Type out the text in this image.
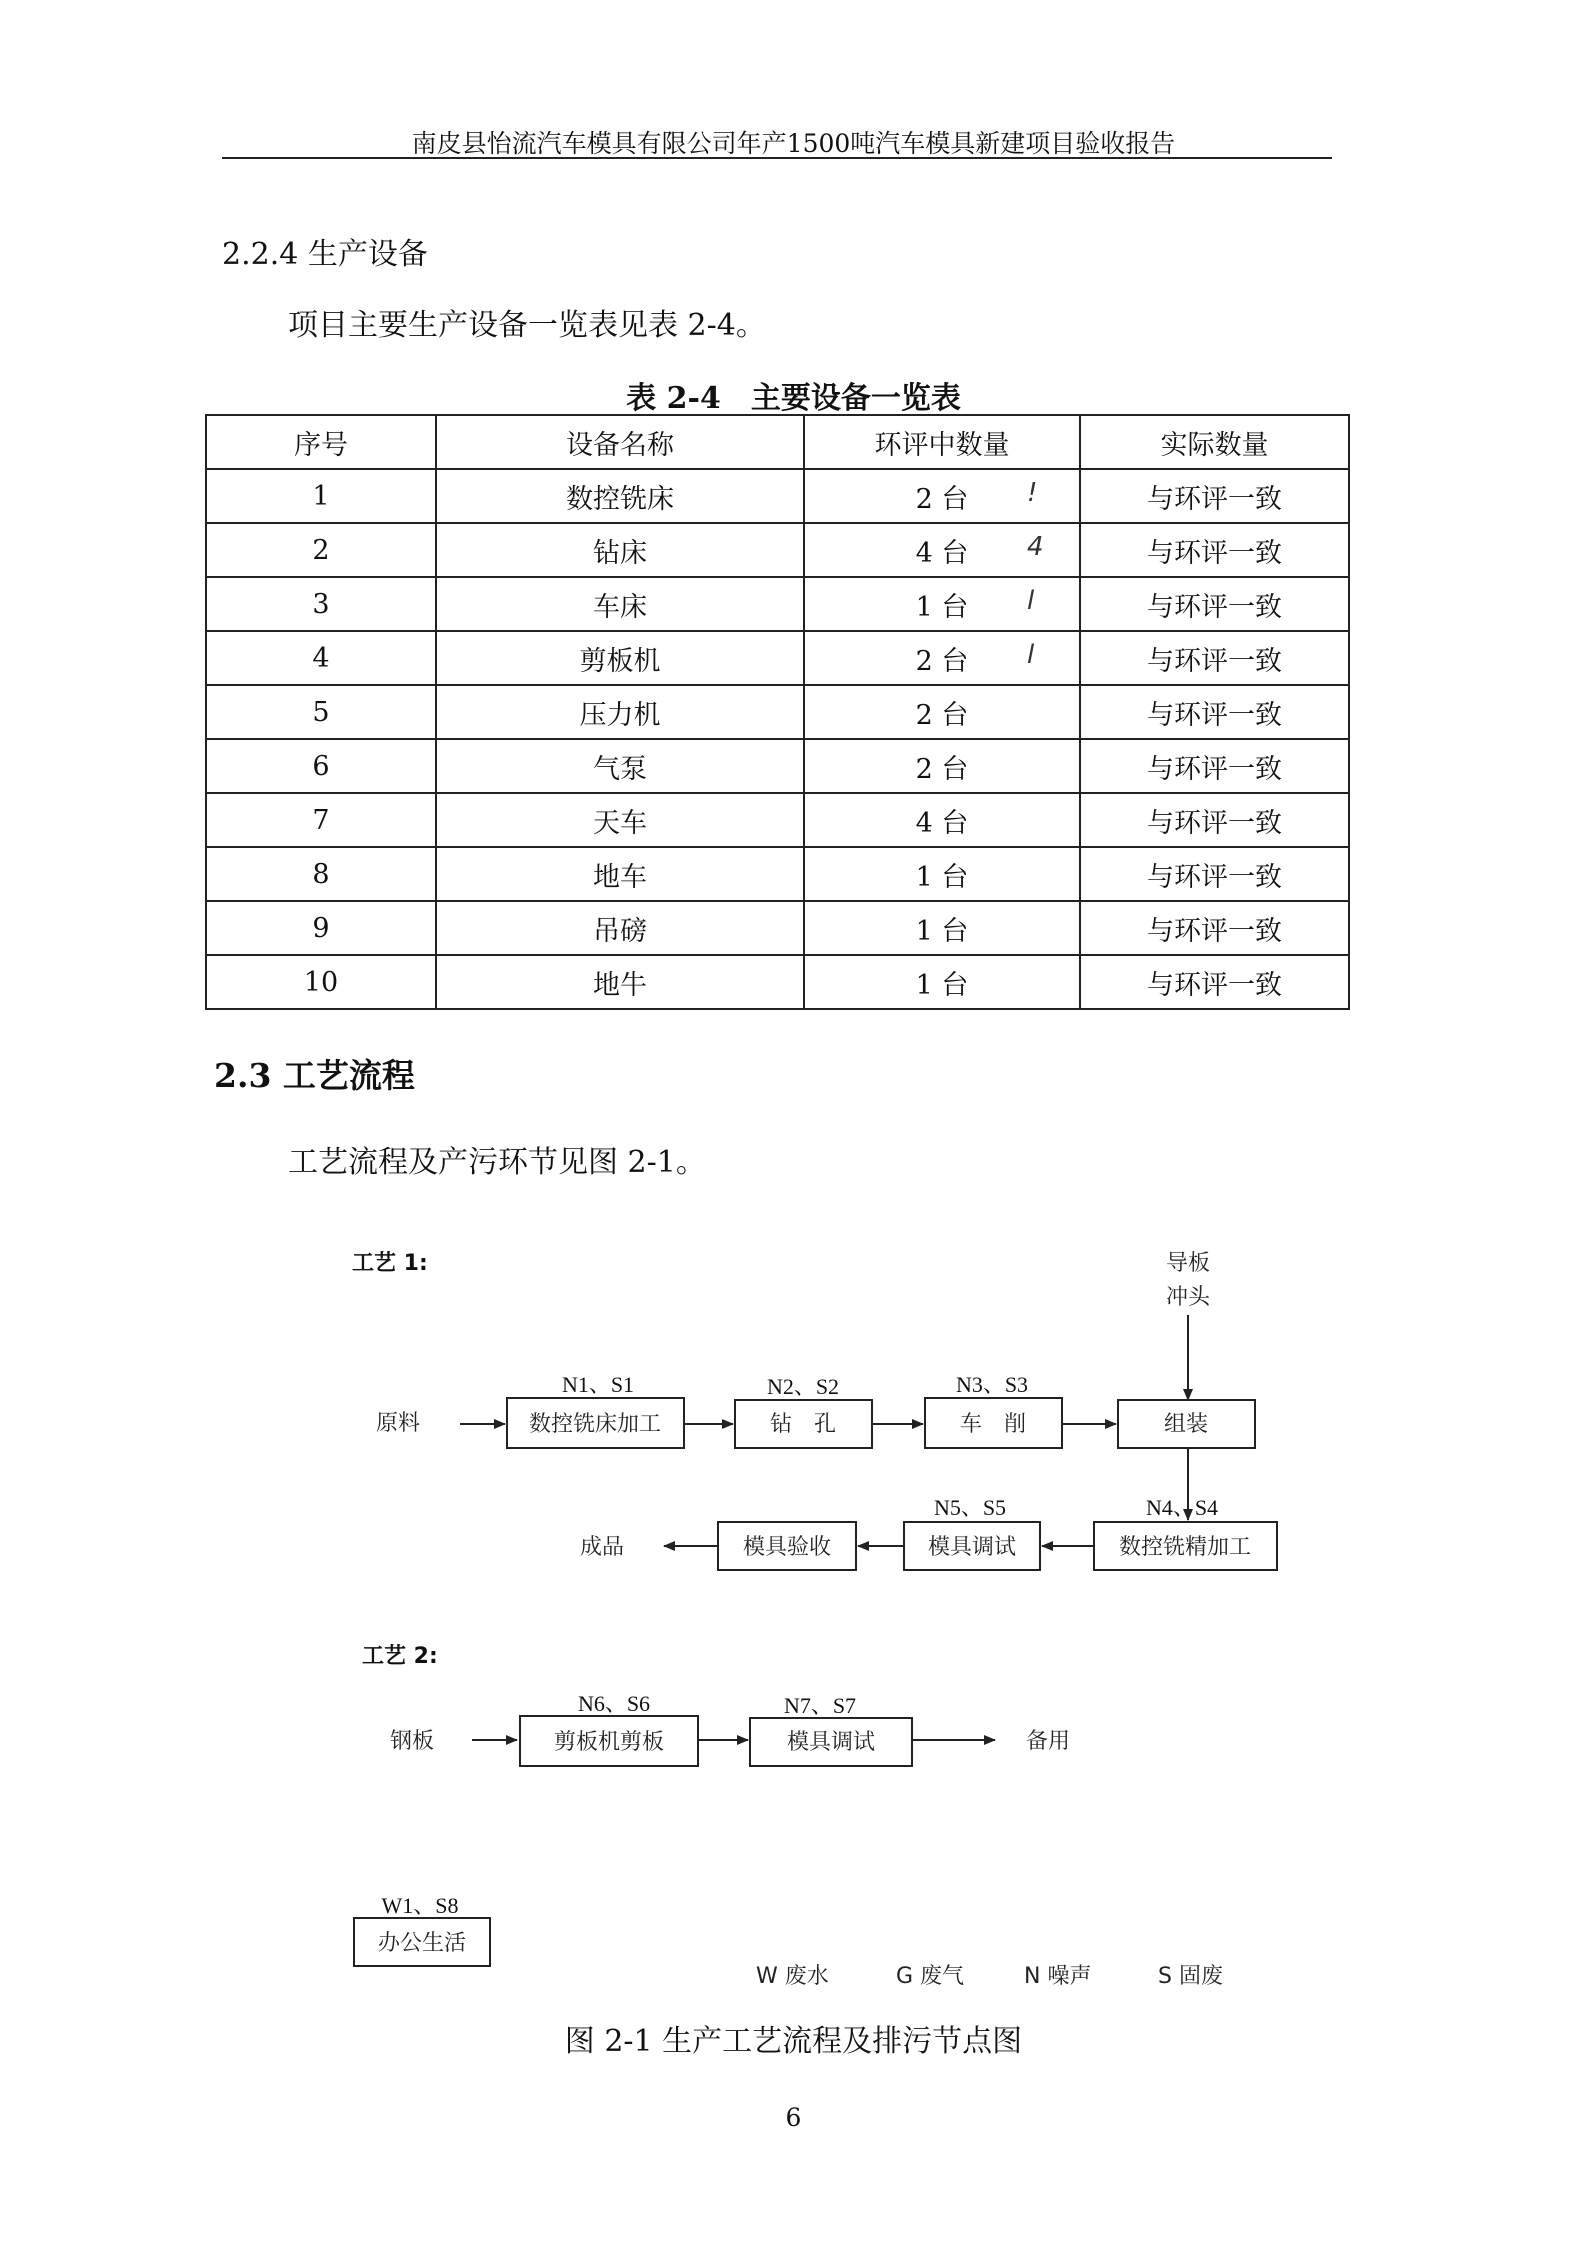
南皮县怡流汽车模具有限公司年产1500吨汽车模具新建项目验收报告
2.2.4 生产设备
项目主要生产设备一览表见表 2-4。
表 2-4　主要设备一览表
序号	设备名称	环评中数量	实际数量
1	数控铣床	2 台 !	与环评一致
2	钻床	4 台 4	与环评一致
3	车床	1 台 l	与环评一致
4	剪板机	2 台 l	与环评一致
5	压力机	2 台	与环评一致
6	气泵	2 台	与环评一致
7	天车	4 台	与环评一致
8	地车	1 台	与环评一致
9	吊磅	1 台	与环评一致
10	地牛	1 台	与环评一致
2.3 工艺流程
工艺流程及产污环节见图 2-1。
工艺 1:	导板
冲头
原料
N1、S1
数控铣床加工
N2、S2
钻　孔
N3、S3
车　削	组装
N4、S4
数控铣精加工
N5、S5
模具调试
模具验收
成品
工艺 2:
钢板
N6、S6
剪板机剪板
N7、S7
模具调试	备用
W1、S8
办公生活
W 废水	G 废气	N 噪声	S 固废
图 2-1 生产工艺流程及排污节点图
6
